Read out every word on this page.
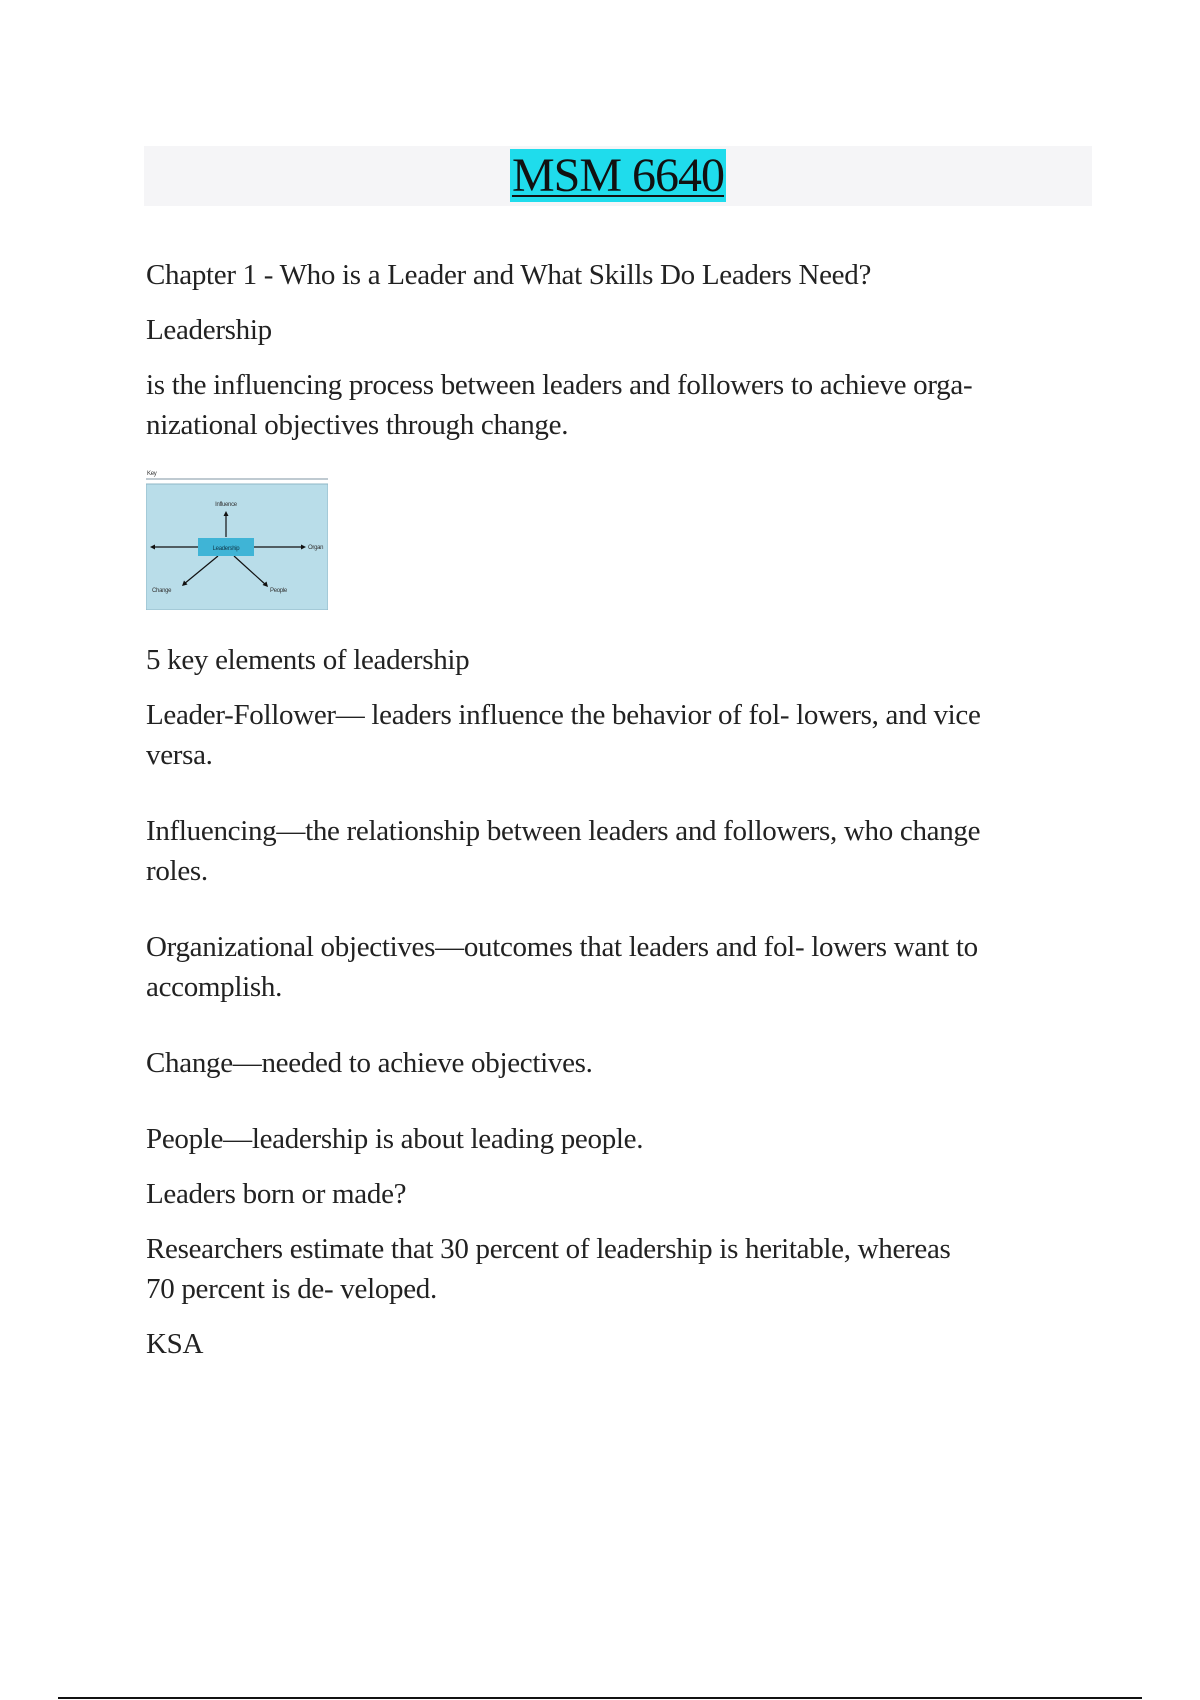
MSM 6640

Chapter 1 - Who is a Leader and What Skills Do Leaders Need?

Leadership

is the influencing process between leaders and followers to achieve orga-

nizational objectives through change.

Key
Leadership
Influence
Organ
Change	People

5 key elements of leadership

Leader-Follower— leaders influence the behavior of fol- lowers, and vice

versa.

Influencing—the relationship between leaders and followers, who change

roles.

Organizational objectives—outcomes that leaders and fol- lowers want to

accomplish.

Change—needed to achieve objectives.

People—leadership is about leading people.

Leaders born or made?

Researchers estimate that 30 percent of leadership is heritable, whereas

70 percent is de- veloped.

KSA
